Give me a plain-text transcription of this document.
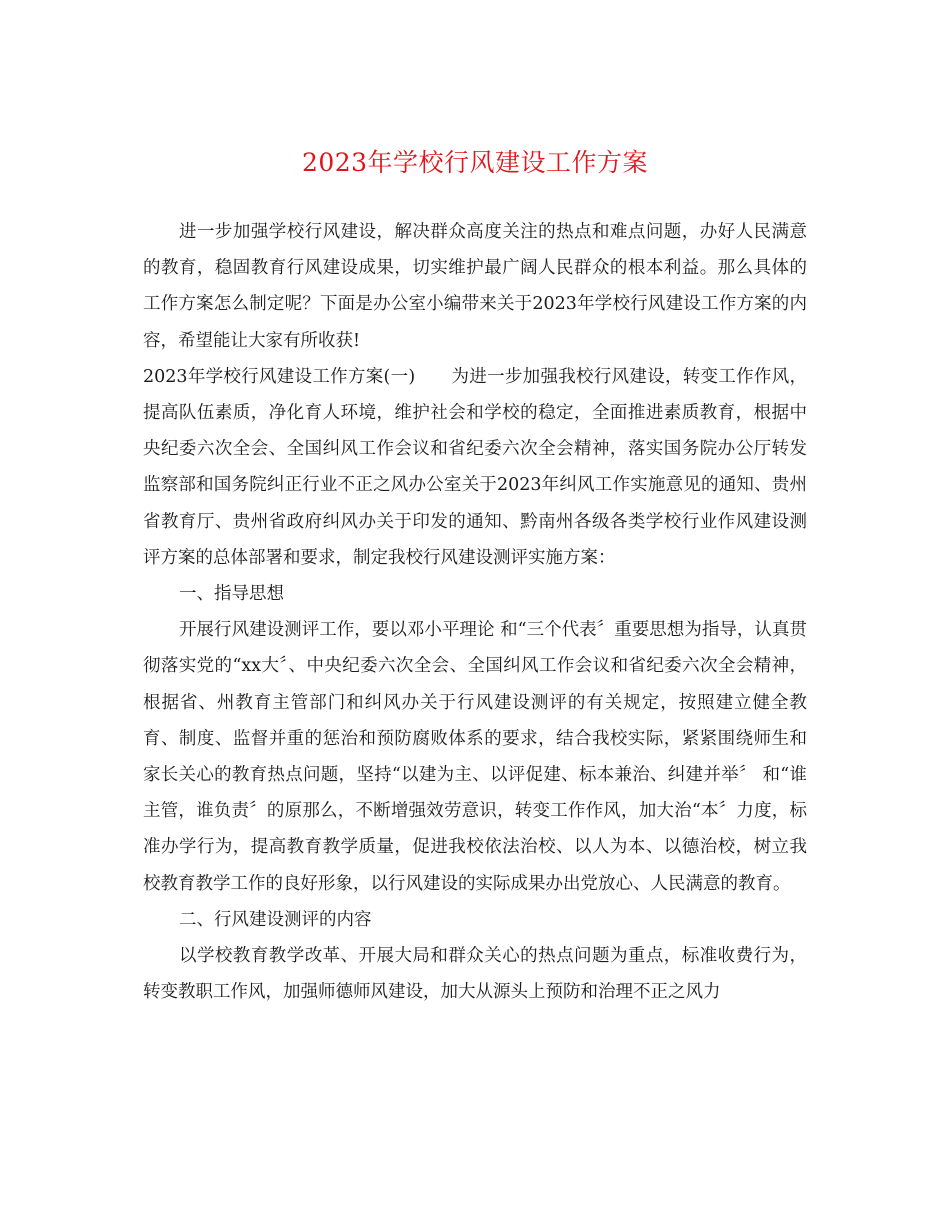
2023年学校行风建设工作方案

进一步加强学校行风建设，解决群众高度关注的热点和难点问题，办好人民满意的教育，稳固教育行风建设成果，切实维护最广阔人民群众的根本利益。那么具体的工作方案怎么制定呢？下面是办公室小编带来关于2023年学校行风建设工作方案的内容，希望能让大家有所收获!

2023年学校行风建设工作方案(一) 为进一步加强我校行风建设，转变工作作风，提高队伍素质，净化育人环境，维护社会和学校的稳定，全面推进素质教育，根据中央纪委六次全会、全国纠风工作会议和省纪委六次全会精神，落实国务院办公厅转发监察部和国务院纠正行业不正之风办公室关于2023年纠风工作实施意见的通知、贵州省教育厅、贵州省政府纠风办关于印发的通知、黔南州各级各类学校行业作风建设测评方案的总体部署和要求，制定我校行风建设测评实施方案：

一、指导思想

开展行风建设测评工作，要以邓小平理论 和“三个代表〞重要思想为指导，认真贯彻落实党的“xx大〞、中央纪委六次全会、全国纠风工作会议和省纪委六次全会精神，根据省、州教育主管部门和纠风办关于行风建设测评的有关规定，按照建立健全教育、制度、监督并重的惩治和预防腐败体系的要求，结合我校实际，紧紧围绕师生和家长关心的教育热点问题，坚持“以建为主、以评促建、标本兼治、纠建并举〞 和“谁主管，谁负责〞的原那么，不断增强效劳意识，转变工作作风，加大治“本〞力度，标准办学行为，提高教育教学质量，促进我校依法治校、以人为本、以德治校，树立我校教育教学工作的良好形象，以行风建设的实际成果办出党放心、人民满意的教育。

二、行风建设测评的内容

以学校教育教学改革、开展大局和群众关心的热点问题为重点，标准收费行为，转变教职工作风，加强师德师风建设，加大从源头上预防和治理不正之风力
